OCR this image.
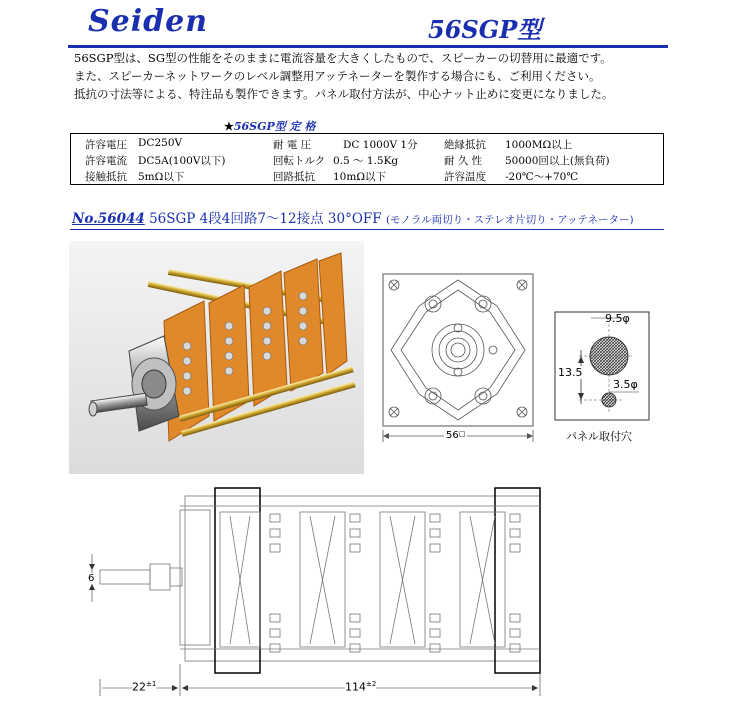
Seiden	56SGP型
56SGP型は、SG型の性能をそのままに電流容量を大きくしたもので、スピーカーの切替用に最適です。
また、スピーカーネットワークのレベル調整用アッテネーターを製作する場合にも、ご利用ください。
抵抗の寸法等による、特注品も製作できます。パネル取付方法が、中心ナット止めに変更になりました。
★56SGP型 定 格
許容電圧 DC250V	耐 電 圧	DC 1000V 1分	絶縁抵抗 1000MΩ以上
許容電流 DC5A(100V以下)	回転トルク 0.5 〜 1.5Kg	耐 久 性 50000回以上(無負荷)
接触抵抗 5mΩ以下	回路抵抗 10mΩ以下	許容温度 -20℃〜+70℃
No.56044 56SGP 4段4回路7〜12接点 30°OFF (モノラル両切り・ステレオ片切り・アッテネーター)
56□
9.5φ
13.5
3.5φ
パネル取付穴
6
$22^{\pm 1}$	$114^{\pm 2}$
